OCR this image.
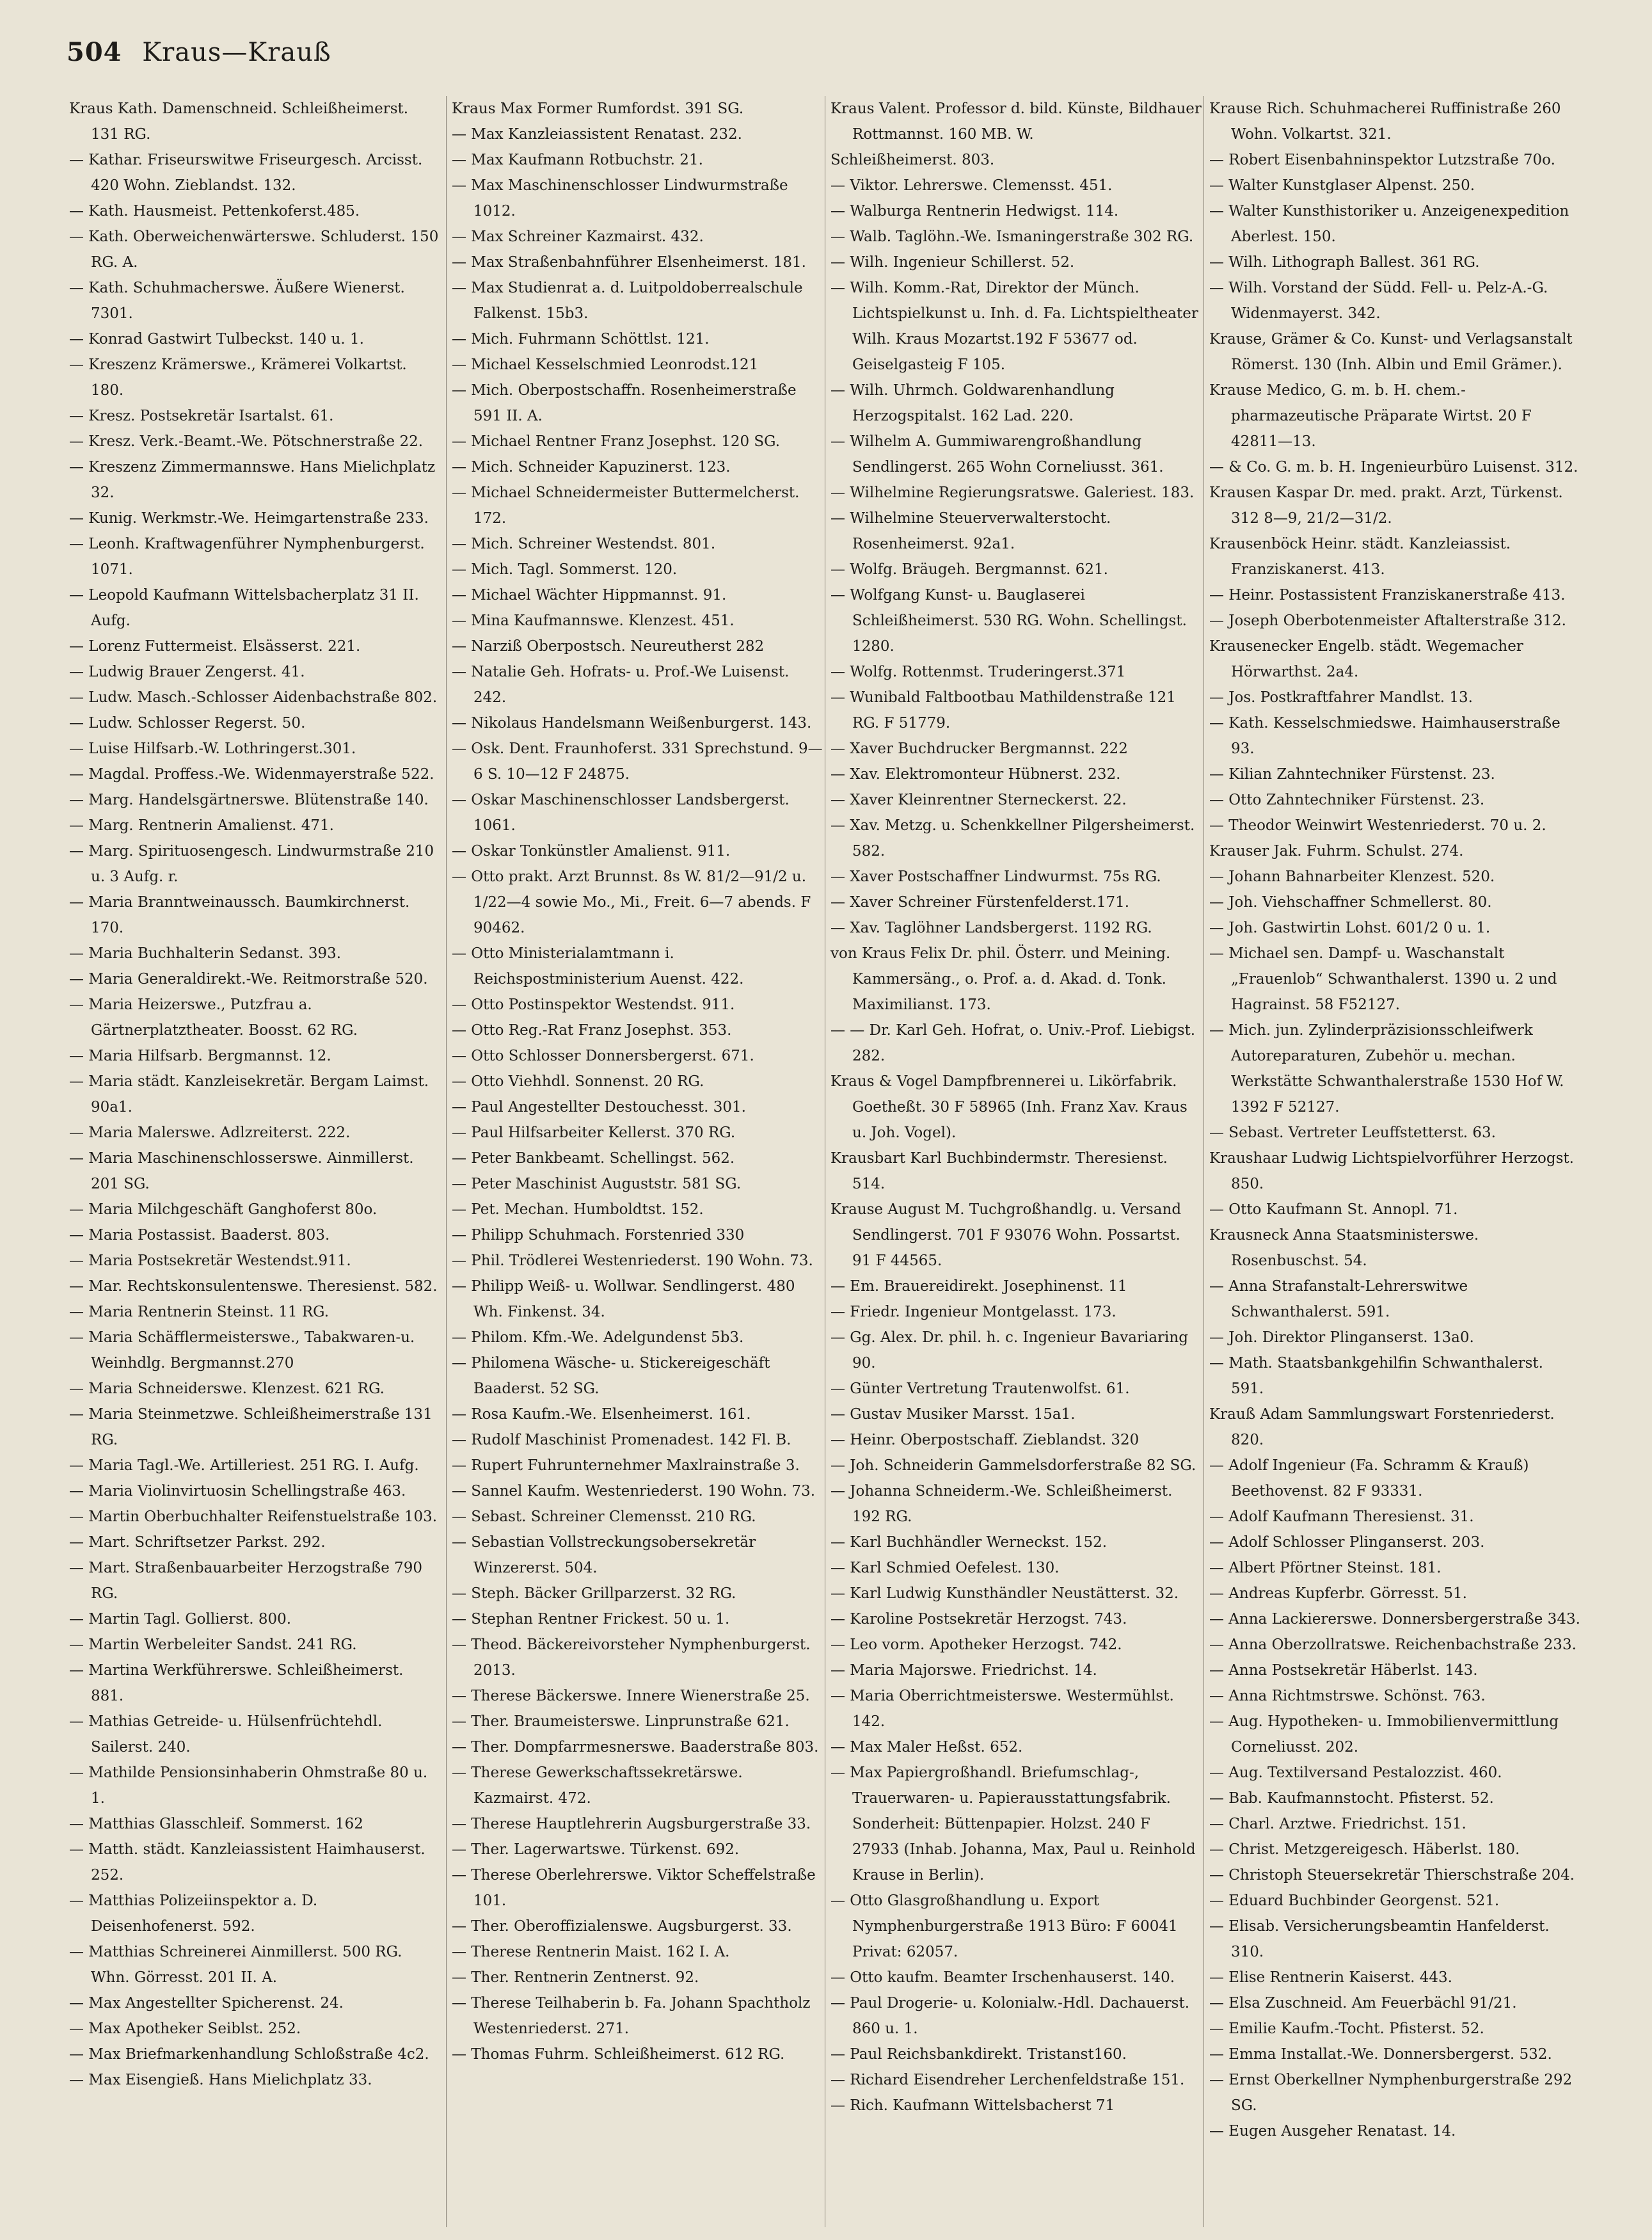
504 Kraus—Krauß

Kraus Kath. Damenschneid. Schleißheimerst. 131 RG.

— Kathar. Friseurswitwe Friseurgesch. Arcisst. 420 Wohn. Zieblandst. 132.

— Kath. Hausmeist. Pettenkoferst.485.

— Kath. Oberweichenwärterswe. Schluderst. 150 RG. A.

— Kath. Schuhmacherswe. Äußere Wienerst. 7301.

— Konrad Gastwirt Tulbeckst. 140 u. 1.

— Kreszenz Krämerswe., Krämerei Volkartst. 180.

— Kresz. Postsekretär Isartalst. 61.

— Kresz. Verk.-Beamt.-We. Pötschnerstraße 22.

— Kreszenz Zimmermannswe. Hans Mielichplatz 32.

— Kunig. Werkmstr.-We. Heimgartenstraße 233.

— Leonh. Kraftwagenführer Nymphenburgerst. 1071.

— Leopold Kaufmann Wittelsbacherplatz 31 II. Aufg.

— Lorenz Futtermeist. Elsässerst. 221.

— Ludwig Brauer Zengerst. 41.

— Ludw. Masch.-Schlosser Aidenbachstraße 802.

— Ludw. Schlosser Regerst. 50.

— Luise Hilfsarb.-W. Lothringerst.301.

— Magdal. Proffess.-We. Widenmayerstraße 522.

— Marg. Handelsgärtnerswe. Blütenstraße 140.

— Marg. Rentnerin Amalienst. 471.

— Marg. Spirituosengesch. Lindwurmstraße 210 u. 3 Aufg. r.

— Maria Branntweinaussch. Baumkirchnerst. 170.

— Maria Buchhalterin Sedanst. 393.

— Maria Generaldirekt.-We. Reitmorstraße 520.

— Maria Heizerswe., Putzfrau a. Gärtnerplatztheater. Boosst. 62 RG.

— Maria Hilfsarb. Bergmannst. 12.

— Maria städt. Kanzleisekretär. Bergam Laimst. 90a1.

— Maria Malerswe. Adlzreiterst. 222.

— Maria Maschinenschlosserswe. Ainmillerst. 201 SG.

— Maria Milchgeschäft Ganghoferst 80o.

— Maria Postassist. Baaderst. 803.

— Maria Postsekretär Westendst.911.

— Mar. Rechtskonsulentenswe. Theresienst. 582.

— Maria Rentnerin Steinst. 11 RG.

— Maria Schäfflermeisterswe., Tabakwaren-u. Weinhdlg. Bergmannst.270

— Maria Schneiderswe. Klenzest. 621 RG.

— Maria Steinmetzwe. Schleißheimerstraße 131 RG.

— Maria Tagl.-We. Artilleriest. 251 RG. I. Aufg.

— Maria Violinvirtuosin Schellingstraße 463.

— Martin Oberbuchhalter Reifenstuelstraße 103.

— Mart. Schriftsetzer Parkst. 292.

— Mart. Straßenbauarbeiter Herzogstraße 790 RG.

— Martin Tagl. Gollierst. 800.

— Martin Werbeleiter Sandst. 241 RG.

— Martina Werkführerswe. Schleißheimerst. 881.

— Mathias Getreide- u. Hülsenfrüchtehdl. Sailerst. 240.

— Mathilde Pensionsinhaberin Ohmstraße 80 u. 1.

— Matthias Glasschleif. Sommerst. 162

— Matth. städt. Kanzleiassistent Haimhauserst. 252.

— Matthias Polizeiinspektor a. D. Deisenhofenerst. 592.

— Matthias Schreinerei Ainmillerst. 500 RG. Whn. Görresst. 201 II. A.

— Max Angestellter Spicherenst. 24.

— Max Apotheker Seiblst. 252.

— Max Briefmarkenhandlung Schloßstraße 4c2.

— Max Eisengieß. Hans Mielichplatz 33.

Kraus Max Former Rumfordst. 391 SG.

— Max Kanzleiassistent Renatast. 232.

— Max Kaufmann Rotbuchstr. 21.

— Max Maschinenschlosser Lindwurmstraße 1012.

— Max Schreiner Kazmairst. 432.

— Max Straßenbahnführer Elsenheimerst. 181.

— Max Studienrat a. d. Luitpoldoberrealschule Falkenst. 15b3.

— Mich. Fuhrmann Schöttlst. 121.

— Michael Kesselschmied Leonrodst.121

— Mich. Oberpostschaffn. Rosenheimerstraße 591 II. A.

— Michael Rentner Franz Josephst. 120 SG.

— Mich. Schneider Kapuzinerst. 123.

— Michael Schneidermeister Buttermelcherst. 172.

— Mich. Schreiner Westendst. 801.

— Mich. Tagl. Sommerst. 120.

— Michael Wächter Hippmannst. 91.

— Mina Kaufmannswe. Klenzest. 451.

— Narziß Oberpostsch. Neureutherst 282

— Natalie Geh. Hofrats- u. Prof.-We Luisenst. 242.

— Nikolaus Handelsmann Weißenburgerst. 143.

— Osk. Dent. Fraunhoferst. 331 Sprechstund. 9—6 S. 10—12 F 24875.

— Oskar Maschinenschlosser Landsbergerst. 1061.

— Oskar Tonkünstler Amalienst. 911.

— Otto prakt. Arzt Brunnst. 8s W. 81/2—91/2 u. 1/22—4 sowie Mo., Mi., Freit. 6—7 abends. F 90462.

— Otto Ministerialamtmann i. Reichspostministerium Auenst. 422.

— Otto Postinspektor Westendst. 911.

— Otto Reg.-Rat Franz Josephst. 353.

— Otto Schlosser Donnersbergerst. 671.

— Otto Viehhdl. Sonnenst. 20 RG.

— Paul Angestellter Destouchesst. 301.

— Paul Hilfsarbeiter Kellerst. 370 RG.

— Peter Bankbeamt. Schellingst. 562.

— Peter Maschinist Auguststr. 581 SG.

— Pet. Mechan. Humboldtst. 152.

— Philipp Schuhmach. Forstenried 330

— Phil. Trödlerei Westenriederst. 190 Wohn. 73.

— Philipp Weiß- u. Wollwar. Sendlingerst. 480 Wh. Finkenst. 34.

— Philom. Kfm.-We. Adelgundenst 5b3.

— Philomena Wäsche- u. Stickereigeschäft Baaderst. 52 SG.

— Rosa Kaufm.-We. Elsenheimerst. 161.

— Rudolf Maschinist Promenadest. 142 Fl. B.

— Rupert Fuhrunternehmer Maxlrainstraße 3.

— Sannel Kaufm. Westenriederst. 190 Wohn. 73.

— Sebast. Schreiner Clemensst. 210 RG.

— Sebastian Vollstreckungsobersekretär Winzererst. 504.

— Steph. Bäcker Grillparzerst. 32 RG.

— Stephan Rentner Frickest. 50 u. 1.

— Theod. Bäckereivorsteher Nymphenburgerst. 2013.

— Therese Bäckerswe. Innere Wienerstraße 25.

— Ther. Braumeisterswe. Linprunstraße 621.

— Ther. Dompfarrmesnerswe. Baaderstraße 803.

— Therese Gewerkschaftssekretärswe. Kazmairst. 472.

— Therese Hauptlehrerin Augsburgerstraße 33.

— Ther. Lagerwartswe. Türkenst. 692.

— Therese Oberlehrerswe. Viktor Scheffelstraße 101.

— Ther. Oberoffizialenswe. Augsburgerst. 33.

— Therese Rentnerin Maist. 162 I. A.

— Ther. Rentnerin Zentnerst. 92.

— Therese Teilhaberin b. Fa. Johann Spachtholz Westenriederst. 271.

— Thomas Fuhrm. Schleißheimerst. 612 RG.

Kraus Valent. Professor d. bild. Künste, Bildhauer Rottmannst. 160 MB. W.

Schleißheimerst. 803.

— Viktor. Lehrerswe. Clemensst. 451.

— Walburga Rentnerin Hedwigst. 114.

— Walb. Taglöhn.-We. Ismaningerstraße 302 RG.

— Wilh. Ingenieur Schillerst. 52.

— Wilh. Komm.-Rat, Direktor der Münch. Lichtspielkunst u. Inh. d. Fa. Lichtspieltheater Wilh. Kraus Mozartst.192 F 53677 od. Geiselgasteig F 105.

— Wilh. Uhrmch. Goldwarenhandlung Herzogspitalst. 162 Lad. 220.

— Wilhelm A. Gummiwarengroßhandlung Sendlingerst. 265 Wohn Corneliusst. 361.

— Wilhelmine Regierungsratswe. Galeriest. 183.

— Wilhelmine Steuerverwalterstocht. Rosenheimerst. 92a1.

— Wolfg. Bräugeh. Bergmannst. 621.

— Wolfgang Kunst- u. Bauglaserei Schleißheimerst. 530 RG. Wohn. Schellingst. 1280.

— Wolfg. Rottenmst. Truderingerst.371

— Wunibald Faltbootbau Mathildenstraße 121 RG. F 51779.

— Xaver Buchdrucker Bergmannst. 222

— Xav. Elektromonteur Hübnerst. 232.

— Xaver Kleinrentner Sterneckerst. 22.

— Xav. Metzg. u. Schenkkellner Pilgersheimerst. 582.

— Xaver Postschaffner Lindwurmst. 75s RG.

— Xaver Schreiner Fürstenfelderst.171.

— Xav. Taglöhner Landsbergerst. 1192 RG.

von Kraus Felix Dr. phil. Österr. und Meining. Kammersäng., o. Prof. a. d. Akad. d. Tonk. Maximilianst. 173.

— — Dr. Karl Geh. Hofrat, o. Univ.-Prof. Liebigst. 282.

Kraus & Vogel Dampfbrennerei u. Likörfabrik. Goetheßt. 30 F 58965 (Inh. Franz Xav. Kraus u. Joh. Vogel).

Krausbart Karl Buchbindermstr. Theresienst. 514.

Krause August M. Tuchgroßhandlg. u. Versand Sendlingerst. 701 F 93076 Wohn. Possartst. 91 F 44565.

— Em. Brauereidirekt. Josephinenst. 11

— Friedr. Ingenieur Montgelasst. 173.

— Gg. Alex. Dr. phil. h. c. Ingenieur Bavariaring 90.

— Günter Vertretung Trautenwolfst. 61.

— Gustav Musiker Marsst. 15a1.

— Heinr. Oberpostschaff. Zieblandst. 320

— Joh. Schneiderin Gammelsdorferstraße 82 SG.

— Johanna Schneiderm.-We. Schleißheimerst. 192 RG.

— Karl Buchhändler Werneckst. 152.

— Karl Schmied Oefelest. 130.

— Karl Ludwig Kunsthändler Neustätterst. 32.

— Karoline Postsekretär Herzogst. 743.

— Leo vorm. Apotheker Herzogst. 742.

— Maria Majorswe. Friedrichst. 14.

— Maria Oberrichtmeisterswe. Westermühlst. 142.

— Max Maler Heßst. 652.

— Max Papiergroßhandl. Briefumschlag-, Trauerwaren- u. Papierausstattungsfabrik. Sonderheit: Büttenpapier. Holzst. 240 F 27933 (Inhab. Johanna, Max, Paul u. Reinhold Krause in Berlin).

— Otto Glasgroßhandlung u. Export Nymphenburgerstraße 1913 Büro: F 60041 Privat: 62057.

— Otto kaufm. Beamter Irschenhauserst. 140.

— Paul Drogerie- u. Kolonialw.-Hdl. Dachauerst. 860 u. 1.

— Paul Reichsbankdirekt. Tristanst160.

— Richard Eisendreher Lerchenfeldstraße 151.

— Rich. Kaufmann Wittelsbacherst 71

Krause Rich. Schuhmacherei Ruffinistraße 260 Wohn. Volkartst. 321.

— Robert Eisenbahninspektor Lutzstraße 70o.

— Walter Kunstglaser Alpenst. 250.

— Walter Kunsthistoriker u. Anzeigenexpedition Aberlest. 150.

— Wilh. Lithograph Ballest. 361 RG.

— Wilh. Vorstand der Südd. Fell- u. Pelz-A.-G. Widenmayerst. 342.

Krause, Grämer & Co. Kunst- und Verlagsanstalt Römerst. 130 (Inh. Albin und Emil Grämer.).

Krause Medico, G. m. b. H. chem.-pharmazeutische Präparate Wirtst. 20 F 42811—13.

— & Co. G. m. b. H. Ingenieurbüro Luisenst. 312.

Krausen Kaspar Dr. med. prakt. Arzt, Türkenst. 312 8—9, 21/2—31/2.

Krausenböck Heinr. städt. Kanzleiassist. Franziskanerst. 413.

— Heinr. Postassistent Franziskanerstraße 413.

— Joseph Oberbotenmeister Aftalterstraße 312.

Krausenecker Engelb. städt. Wegemacher Hörwarthst. 2a4.

— Jos. Postkraftfahrer Mandlst. 13.

— Kath. Kesselschmiedswe. Haimhauserstraße 93.

— Kilian Zahntechniker Fürstenst. 23.

— Otto Zahntechniker Fürstenst. 23.

— Theodor Weinwirt Westenriederst. 70 u. 2.

Krauser Jak. Fuhrm. Schulst. 274.

— Johann Bahnarbeiter Klenzest. 520.

— Joh. Viehschaffner Schmellerst. 80.

— Joh. Gastwirtin Lohst. 601/2 0 u. 1.

— Michael sen. Dampf- u. Waschanstalt „Frauenlob“ Schwanthalerst. 1390 u. 2 und Hagrainst. 58 F52127.

— Mich. jun. Zylinderpräzisionsschleifwerk Autoreparaturen, Zubehör u. mechan. Werkstätte Schwanthalerstraße 1530 Hof W. 1392 F 52127.

— Sebast. Vertreter Leuffstetterst. 63.

Kraushaar Ludwig Lichtspielvorführer Herzogst. 850.

— Otto Kaufmann St. Annopl. 71.

Krausneck Anna Staatsministerswe. Rosenbuschst. 54.

— Anna Strafanstalt-Lehrerswitwe Schwanthalerst. 591.

— Joh. Direktor Plinganserst. 13a0.

— Math. Staatsbankgehilfin Schwanthalerst. 591.

Krauß Adam Sammlungswart Forstenriederst. 820.

— Adolf Ingenieur (Fa. Schramm & Krauß) Beethovenst. 82 F 93331.

— Adolf Kaufmann Theresienst. 31.

— Adolf Schlosser Plinganserst. 203.

— Albert Pförtner Steinst. 181.

— Andreas Kupferbr. Görresst. 51.

— Anna Lackiererswe. Donnersbergerstraße 343.

— Anna Oberzollratswe. Reichenbachstraße 233.

— Anna Postsekretär Häberlst. 143.

— Anna Richtmstrswe. Schönst. 763.

— Aug. Hypotheken- u. Immobilienvermittlung Corneliusst. 202.

— Aug. Textilversand Pestalozzist. 460.

— Bab. Kaufmannstocht. Pfisterst. 52.

— Charl. Arztwe. Friedrichst. 151.

— Christ. Metzgereigesch. Häberlst. 180.

— Christoph Steuersekretär Thierschstraße 204.

— Eduard Buchbinder Georgenst. 521.

— Elisab. Versicherungsbeamtin Hanfelderst. 310.

— Elise Rentnerin Kaiserst. 443.

— Elsa Zuschneid. Am Feuerbächl 91/21.

— Emilie Kaufm.-Tocht. Pfisterst. 52.

— Emma Installat.-We. Donnersbergerst. 532.

— Ernst Oberkellner Nymphenburgerstraße 292 SG.

— Eugen Ausgeher Renatast. 14.
